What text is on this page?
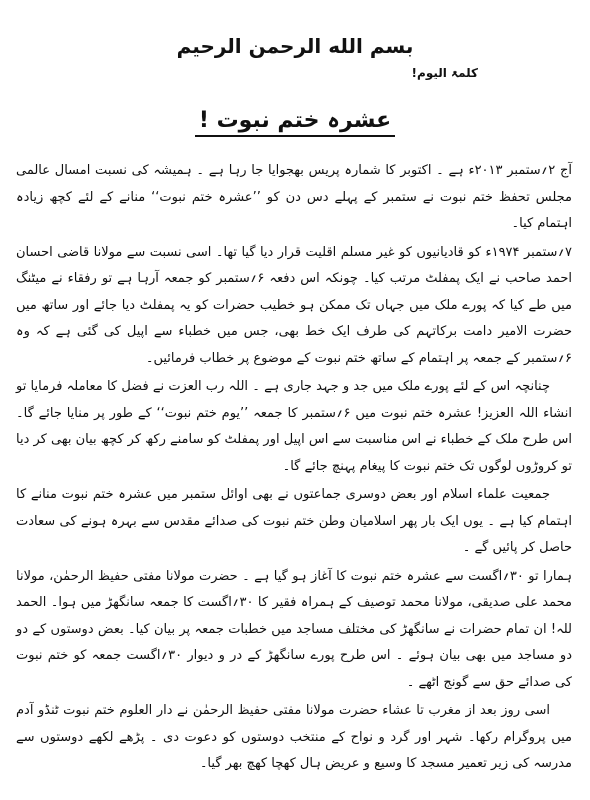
بسم الله الرحمن الرحیم
کلمۃ الیوم!
عشرہ ختم نبوت !

آج ۲؍ستمبر ۲۰۱۳ء ہے ۔ اکتوبر کا شمارہ پریس بھجوایا جا رہا ہے ۔ ہمیشہ کی نسبت امسال عالمی مجلس تحفظ ختم نبوت نے ستمبر کے پہلے دس دن کو ’’عشرہ ختم نبوت‘‘ منانے کے لئے کچھ زیادہ اہتمام کیا۔

۷؍ستمبر ۱۹۷۴ء کو قادیانیوں کو غیر مسلم اقلیت قرار دیا گیا تھا۔ اسی نسبت سے مولانا قاضی احسان احمد صاحب نے ایک پمفلٹ مرتب کیا۔ چونکہ اس دفعہ ۶؍ستمبر کو جمعہ آرہا ہے تو رفقاء نے میٹنگ میں طے کیا کہ پورے ملک میں جہاں تک ممکن ہو خطیب حضرات کو یہ پمفلٹ دیا جائے اور ساتھ میں حضرت الامیر دامت برکاتہم کی طرف ایک خط بھی، جس میں خطباء سے اپیل کی گئی ہے کہ وہ ۶؍ستمبر کے جمعہ پر اہتمام کے ساتھ ختم نبوت کے موضوع پر خطاب فرمائیں۔

چنانچہ اس کے لئے پورے ملک میں جد و جہد جاری ہے ۔ اللہ رب العزت نے فضل کا معاملہ فرمایا تو انشاء اللہ العزیز! عشرہ ختم نبوت میں ۶؍ستمبر کا جمعہ ’’یوم ختم نبوت‘‘ کے طور پر منایا جائے گا۔ اس طرح ملک کے خطباء نے اس مناسبت سے اس اپیل اور پمفلٹ کو سامنے رکھ کر کچھ بیان بھی کر دیا تو کروڑوں لوگوں تک ختم نبوت کا پیغام پہنچ جائے گا۔

جمعیت علماء اسلام اور بعض دوسری جماعتوں نے بھی اوائل ستمبر میں عشرہ ختم نبوت منانے کا اہتمام کیا ہے ۔ یوں ایک بار پھر اسلامیان وطن ختم نبوت کی صدائے مقدس سے بہرہ ہونے کی سعادت حاصل کر پائیں گے ۔

ہمارا تو ۳۰؍اگست سے عشرہ ختم نبوت کا آغاز ہو گیا ہے ۔ حضرت مولانا مفتی حفیظ الرحمٰن، مولانا محمد علی صدیقی، مولانا محمد توصیف کے ہمراہ فقیر کا ۳۰؍اگست کا جمعہ سانگھڑ میں ہوا۔ الحمد للہ! ان تمام حضرات نے سانگھڑ کی مختلف مساجد میں خطبات جمعہ پر بیان کیا۔ بعض دوستوں کے دو دو مساجد میں بھی بیان ہوئے ۔ اس طرح پورے سانگھڑ کے در و دیوار ۳۰؍اگست جمعہ کو ختم نبوت کی صدائے حق سے گونج اٹھے ۔

اسی روز بعد از مغرب تا عشاء حضرت مولانا مفتی حفیظ الرحمٰن نے دار العلوم ختم نبوت ٹنڈو آدم میں پروگرام رکھا۔ شہر اور گرد و نواح کے منتخب دوستوں کو دعوت دی ۔ پڑھے لکھے دوستوں سے مدرسہ کی زیر تعمیر مسجد کا وسیع و عریض ہال کھچا کھچ بھر گیا۔
